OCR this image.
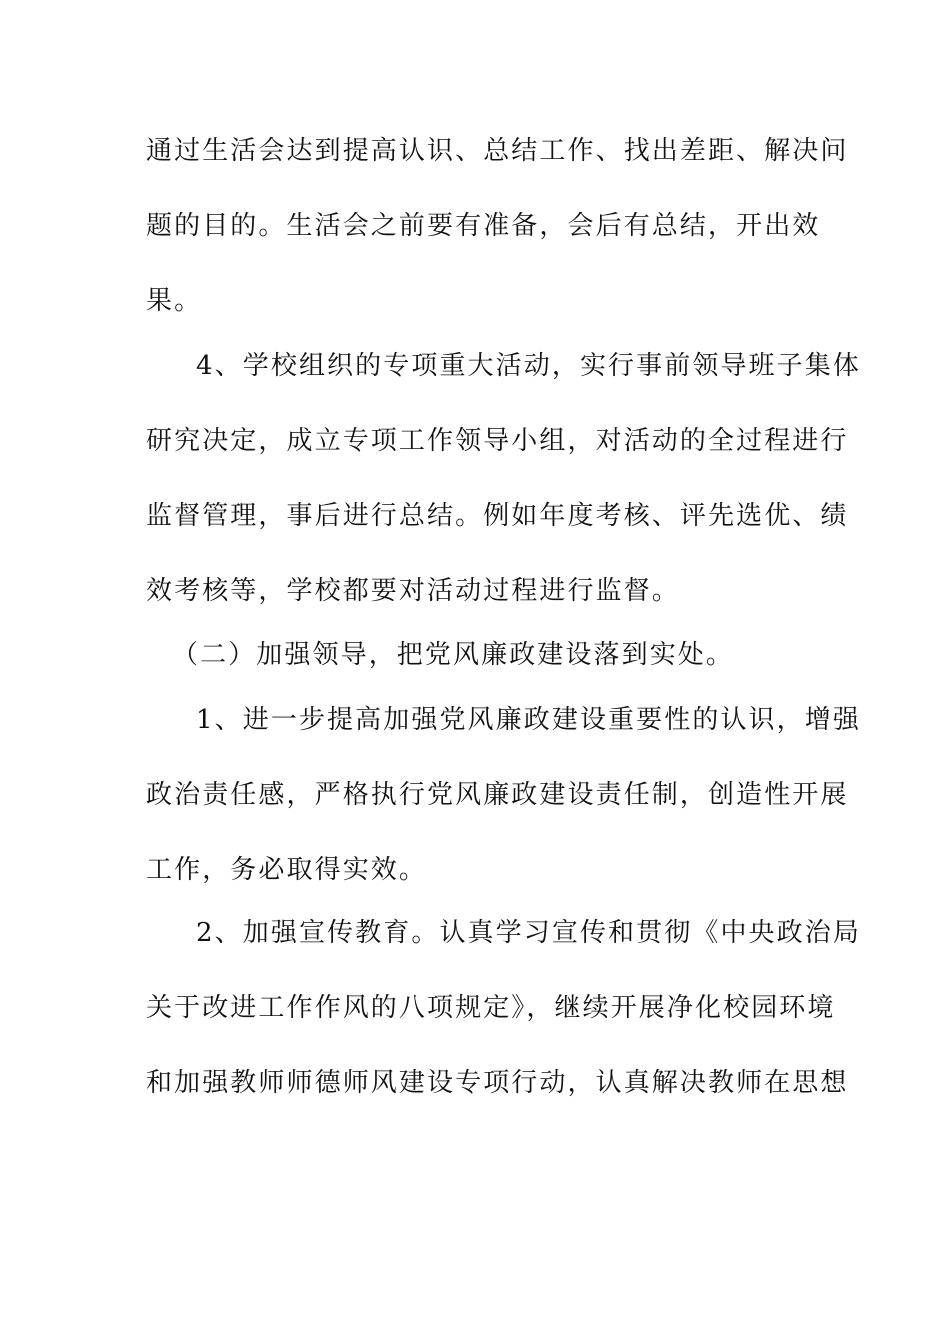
通过生活会达到提高认识、总结工作、找出差距、解决问
题的目的。生活会之前要有准备，会后有总结，开出效
果。
4、学校组织的专项重大活动，实行事前领导班子集体
研究决定，成立专项工作领导小组，对活动的全过程进行
监督管理，事后进行总结。例如年度考核、评先选优、绩
效考核等，学校都要对活动过程进行监督。
（二）加强领导，把党风廉政建设落到实处。
1、进一步提高加强党风廉政建设重要性的认识，增强
政治责任感，严格执行党风廉政建设责任制，创造性开展
工作，务必取得实效。
2、加强宣传教育。认真学习宣传和贯彻《中央政治局
关于改进工作作风的八项规定》，继续开展净化校园环境
和加强教师师德师风建设专项行动，认真解决教师在思想
